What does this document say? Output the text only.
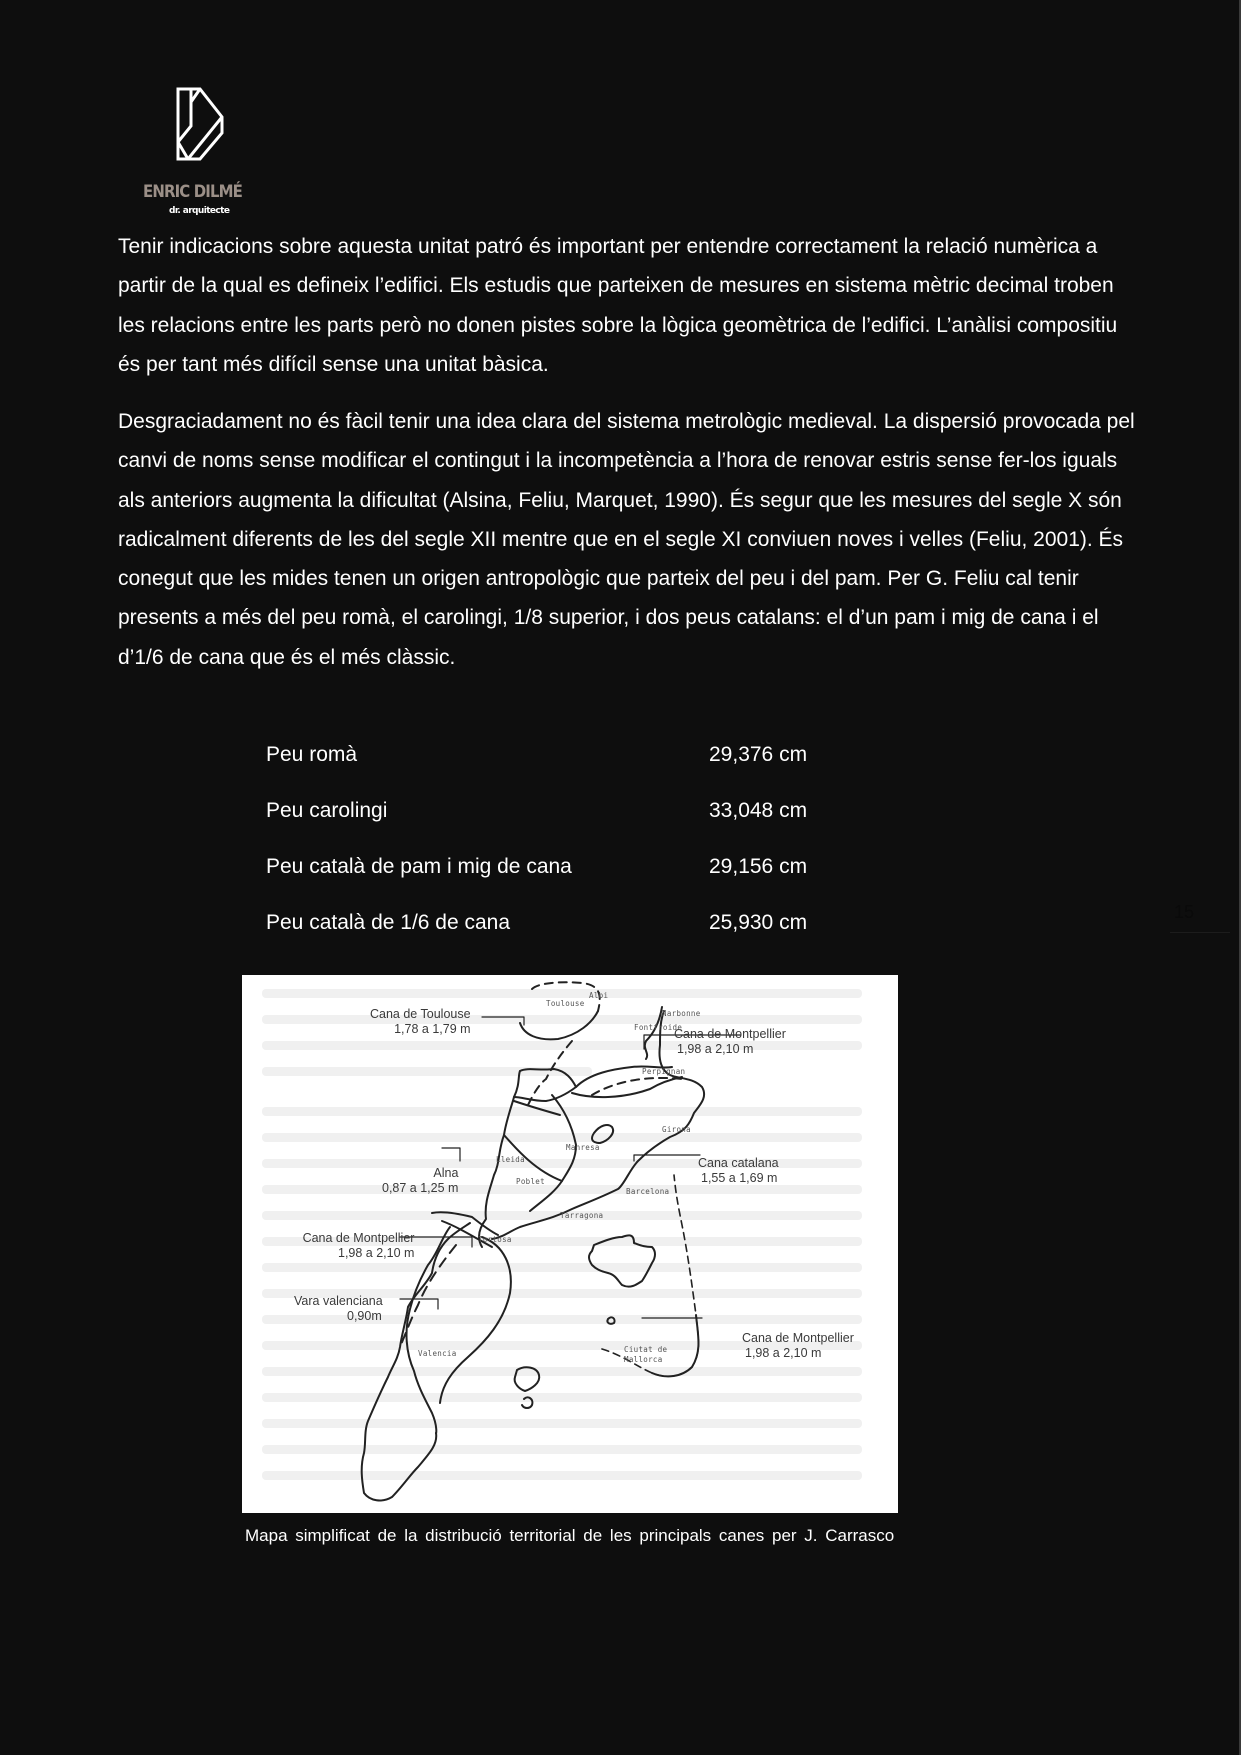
ENRIC DILMÉ
dr. arquitecte

Tenir indicacions sobre aquesta unitat patró és important per entendre correctament la relació numèrica a partir de la qual es defineix l’edifici. Els estudis que parteixen de mesures en sistema mètric decimal troben les relacions entre les parts però no donen pistes sobre la lògica geomètrica de l’edifici. L’anàlisi compositiu és per tant més difícil sense una unitat bàsica.

Desgraciadament no és fàcil tenir una idea clara del sistema metrològic medieval. La dispersió provocada pel canvi de noms sense modificar el contingut i la incompetència a l’hora de renovar estris sense fer-los iguals als anteriors augmenta la dificultat (Alsina, Feliu, Marquet, 1990). És segur que les mesures del segle X són radicalment diferents de les del segle XII mentre que en el segle XI conviuen noves i velles (Feliu, 2001). És conegut que les mides tenen un origen antropològic que parteix del peu i del pam. Per G. Feliu cal tenir presents a més del peu romà, el carolingi, 1/8 superior, i dos peus catalans: el d’un pam i mig de cana i el d’1/6 de cana que és el més clàssic.

Peu romà	29,376 cm
Peu carolingi	33,048 cm
Peu català de pam i mig de cana	29,156 cm
Peu català de 1/6 de cana	25,930 cm	15
Cana de Toulouse
1,78 a 1,79 m	Cana de Montpellier
1,98 a 2,10 m
Cana catalana
1,55 a 1,69 m
Alna
0,87 a 1,25 m
Cana de Montpellier
1,98 a 2,10 m
Vara valenciana
0,90m
Cana de Montpellier
1,98 a 2,10 m
Toulouse
Albi
Narbonne
Fontfroide
Perpignan
Girona
Manresa
Lleida
Poblet
Barcelona
Tarragona
Tortosa
Valencia	Ciutat de
Mallorca
Mapa simplificat de la distribució territorial de les principals canes per J. Carrasco
